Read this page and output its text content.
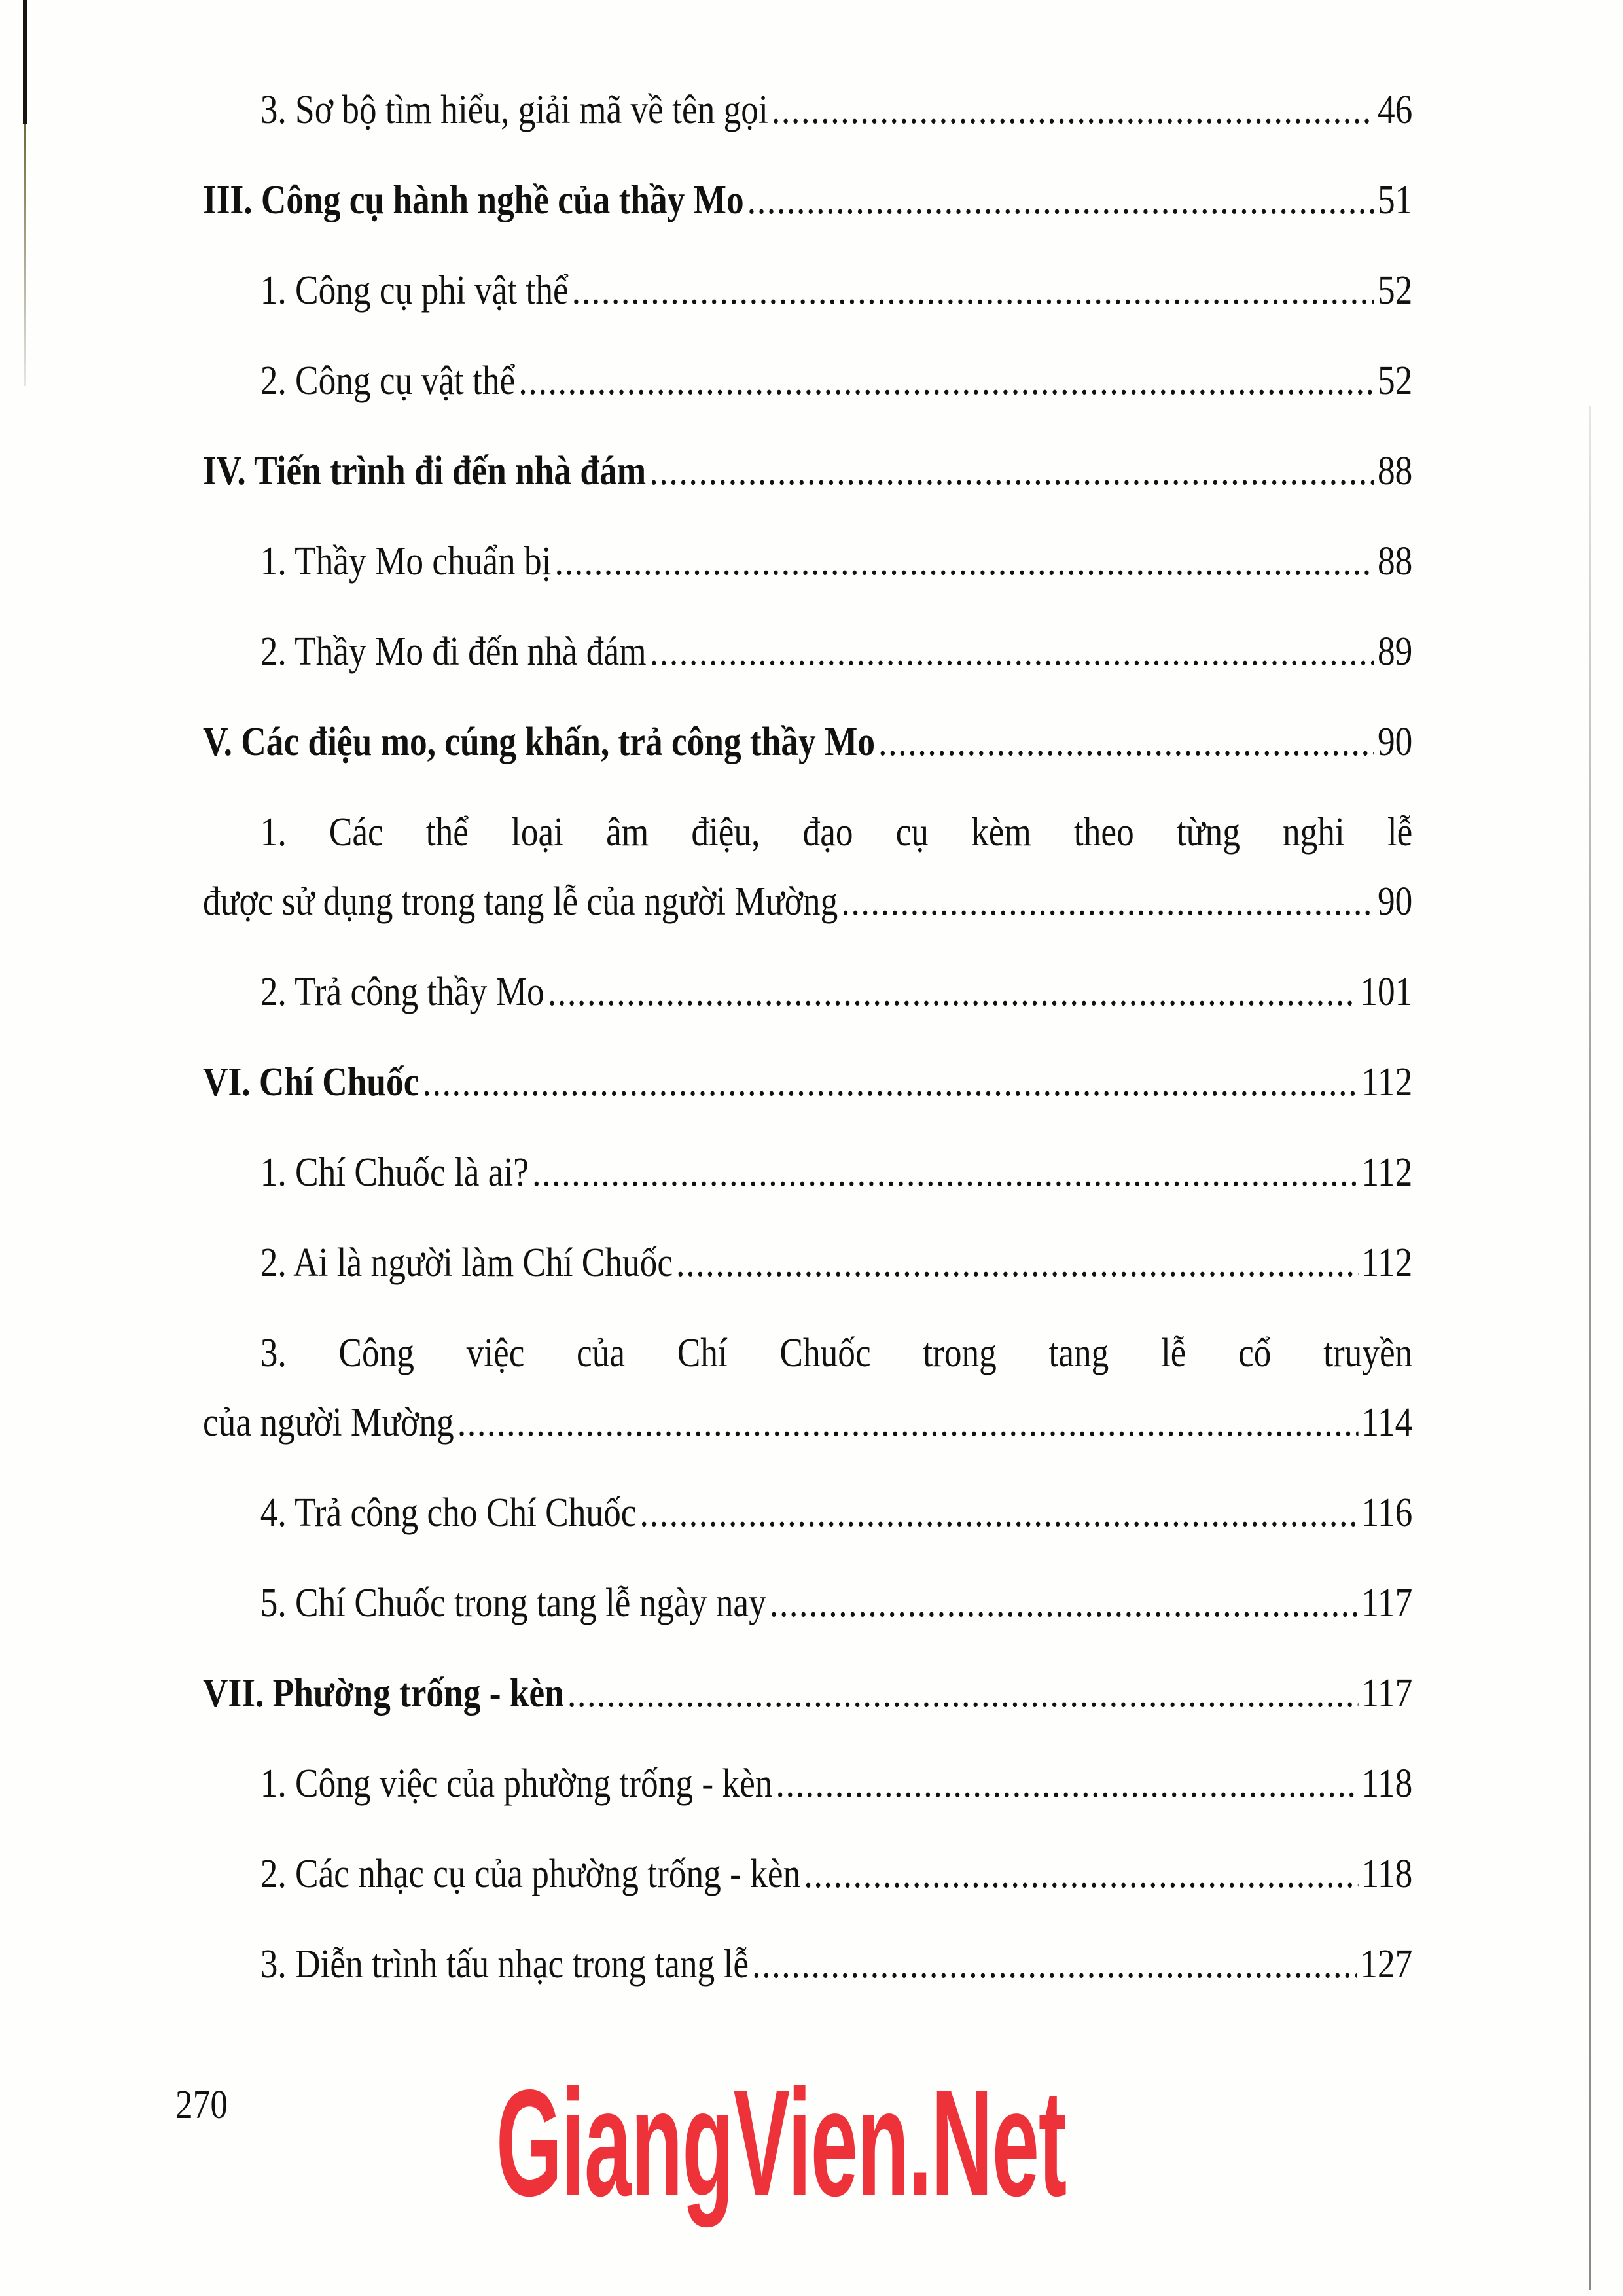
3. Sơ bộ tìm hiểu, giải mã về tên gọi .....	46
III. Công cụ hành nghề của thầy Mo .....	51
1. Công cụ phi vật thể .....	52
2. Công cụ vật thể .....	52
IV. Tiến trình đi đến nhà đám .....	88
1. Thầy Mo chuẩn bị .....	88
2. Thầy Mo đi đến nhà đám .....	89
V. Các điệu mo, cúng khấn, trả công thầy Mo .....	90
1. Các thể loại âm điệu, đạo cụ kèm theo từng nghi lễ
được sử dụng trong tang lễ của người Mường .....	90
2. Trả công thầy Mo .....	101
VI. Chí Chuốc .....	112
1. Chí Chuốc là ai? .....	112
2. Ai là người làm Chí Chuốc .....	112
3. Công việc của Chí Chuốc trong tang lễ cổ truyền
của người Mường .....	114
4. Trả công cho Chí Chuốc .....	116
5. Chí Chuốc trong tang lễ ngày nay .....	117
VII. Phường trống - kèn .....	117
1. Công việc của phường trống - kèn .....	118
2. Các nhạc cụ của phường trống - kèn .....	118
3. Diễn trình tấu nhạc trong tang lễ .....	127
270 GiangVien.Net
